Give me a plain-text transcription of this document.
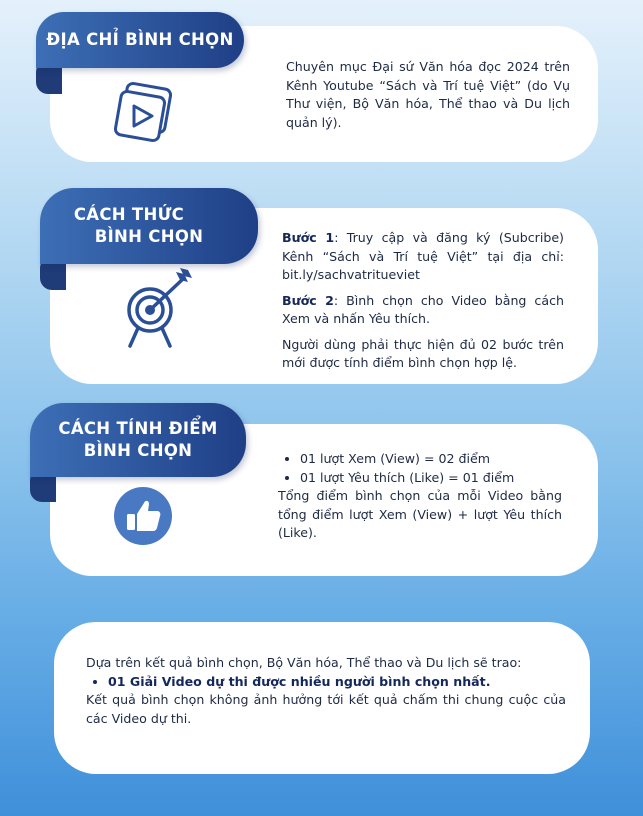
ĐỊA CHỈ BÌNH CHỌN
Chuyên mục Đại sứ Văn hóa đọc 2024 trên Kênh Youtube “Sách và Trí tuệ Việt” (do Vụ Thư viện, Bộ Văn hóa, Thể thao và Du lịch quản lý).
CÁCH THỨC
BÌNH CHỌN	Bước 1: Truy cập và đăng ký (Subcribe) Kênh “Sách và Trí tuệ Việt” tại địa chỉ: bit.ly/sachvatritueviet

Bước 2: Bình chọn cho Video bằng cách Xem và nhấn Yêu thích.

Người dùng phải thực hiện đủ 02 bước trên mới được tính điểm bình chọn hợp lệ.

CÁCH TÍNH ĐIỂM
BÌNH CHỌN
•	01 lượt Xem (View) = 02 điểm
• 01 lượt Yêu thích (Like) = 01 điểm

Tổng điểm bình chọn của mỗi Video bằng tổng điểm lượt Xem (View) + lượt Yêu thích (Like).

Dựa trên kết quả bình chọn, Bộ Văn hóa, Thể thao và Du lịch sẽ trao:

• 01 Giải Video dự thi được nhiều người bình chọn nhất.

Kết quả bình chọn không ảnh hưởng tới kết quả chấm thi chung cuộc của các Video dự thi.
